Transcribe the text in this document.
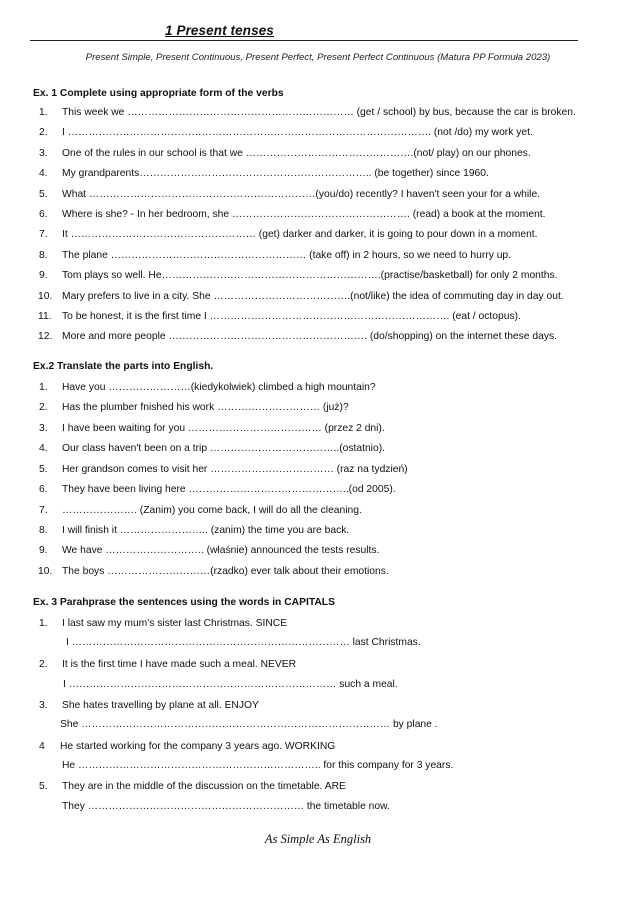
1 Present tenses
Present Simple, Present Continuous, Present Perfect, Present Perfect Continuous (Matura PP Formuła 2023)
Ex. 1 Complete using appropriate form of the verbs
1. This week we ………………………………………………………… (get / school) by bus, because the car is broken.
2. I ……………………………………………………………………………………………. (not /do) my work yet.
3. One of the rules in our school is that we ………………………………………….(not/ play) on our phones.
4. My grandparents………………………………………………………….. (be together) since 1960.
5. What …………………………………………………………(you/do) recently? I haven't seen your for a while.
6. Where is she? - In her bedroom, she ……………………………………………. (read) a book at the moment.
7. It ……………………………………………… (get) darker and darker, it is going to pour down in a moment.
8. The plane ………………………………………………… (take off) in 2 hours, so we need to hurry up.
9. Tom plays so well. He……………………………………………………….(practise/basketball) for only 2 months.
10. Mary prefers to live in a city. She ………………………………….(not/like) the idea of commuting day in day out.
11. To be honest, it is the first time I ……………………………………………………………. (eat / octopus).
12. More and more people …………………………………………………. (do/shopping) on the internet these days.
Ex.2 Translate the parts into English.
1. Have you ……………………(kiedykolwiek) climbed a high mountain?
2. Has the plumber fnished his work ………………………… (już)?
3. I have been waiting for you ………………………………… (przez 2 dni).
4. Our class haven't been on a trip ………………………………..(ostatnio).
5. Her grandson comes to visit her ……………………………… (raz na tydzień)
6. They have been living here ………………………………………..(od 2005).
7. …………………. (Zanim) you come back, I will do all the cleaning.
8. I will finish it …………………….. (zanim) the time you are back.
9. We have ……………………….. (właśnie) announced the tests results.
10. The boys …………………………(rzadko) ever talk about their emotions.
Ex. 3 Parahprase the sentences using the words in CAPITALS
1. I last saw my mum's sister last Christmas. SINCE
I ……………………………………………………………………… last Christmas.
2. It is the first time I have made such a meal. NEVER
I …………………………………………………………………… such a meal.
3. She hates travelling by plane at all. ENJOY
She ……………………………………………………………………………… by plane .
4 He started working for the company 3 years ago. WORKING
He …………………………………………………………….. for this company for 3 years.
5. They are in the middle of the discussion on the timetable. ARE
They ……………………………………………………… the timetable now.
As Simple As English
